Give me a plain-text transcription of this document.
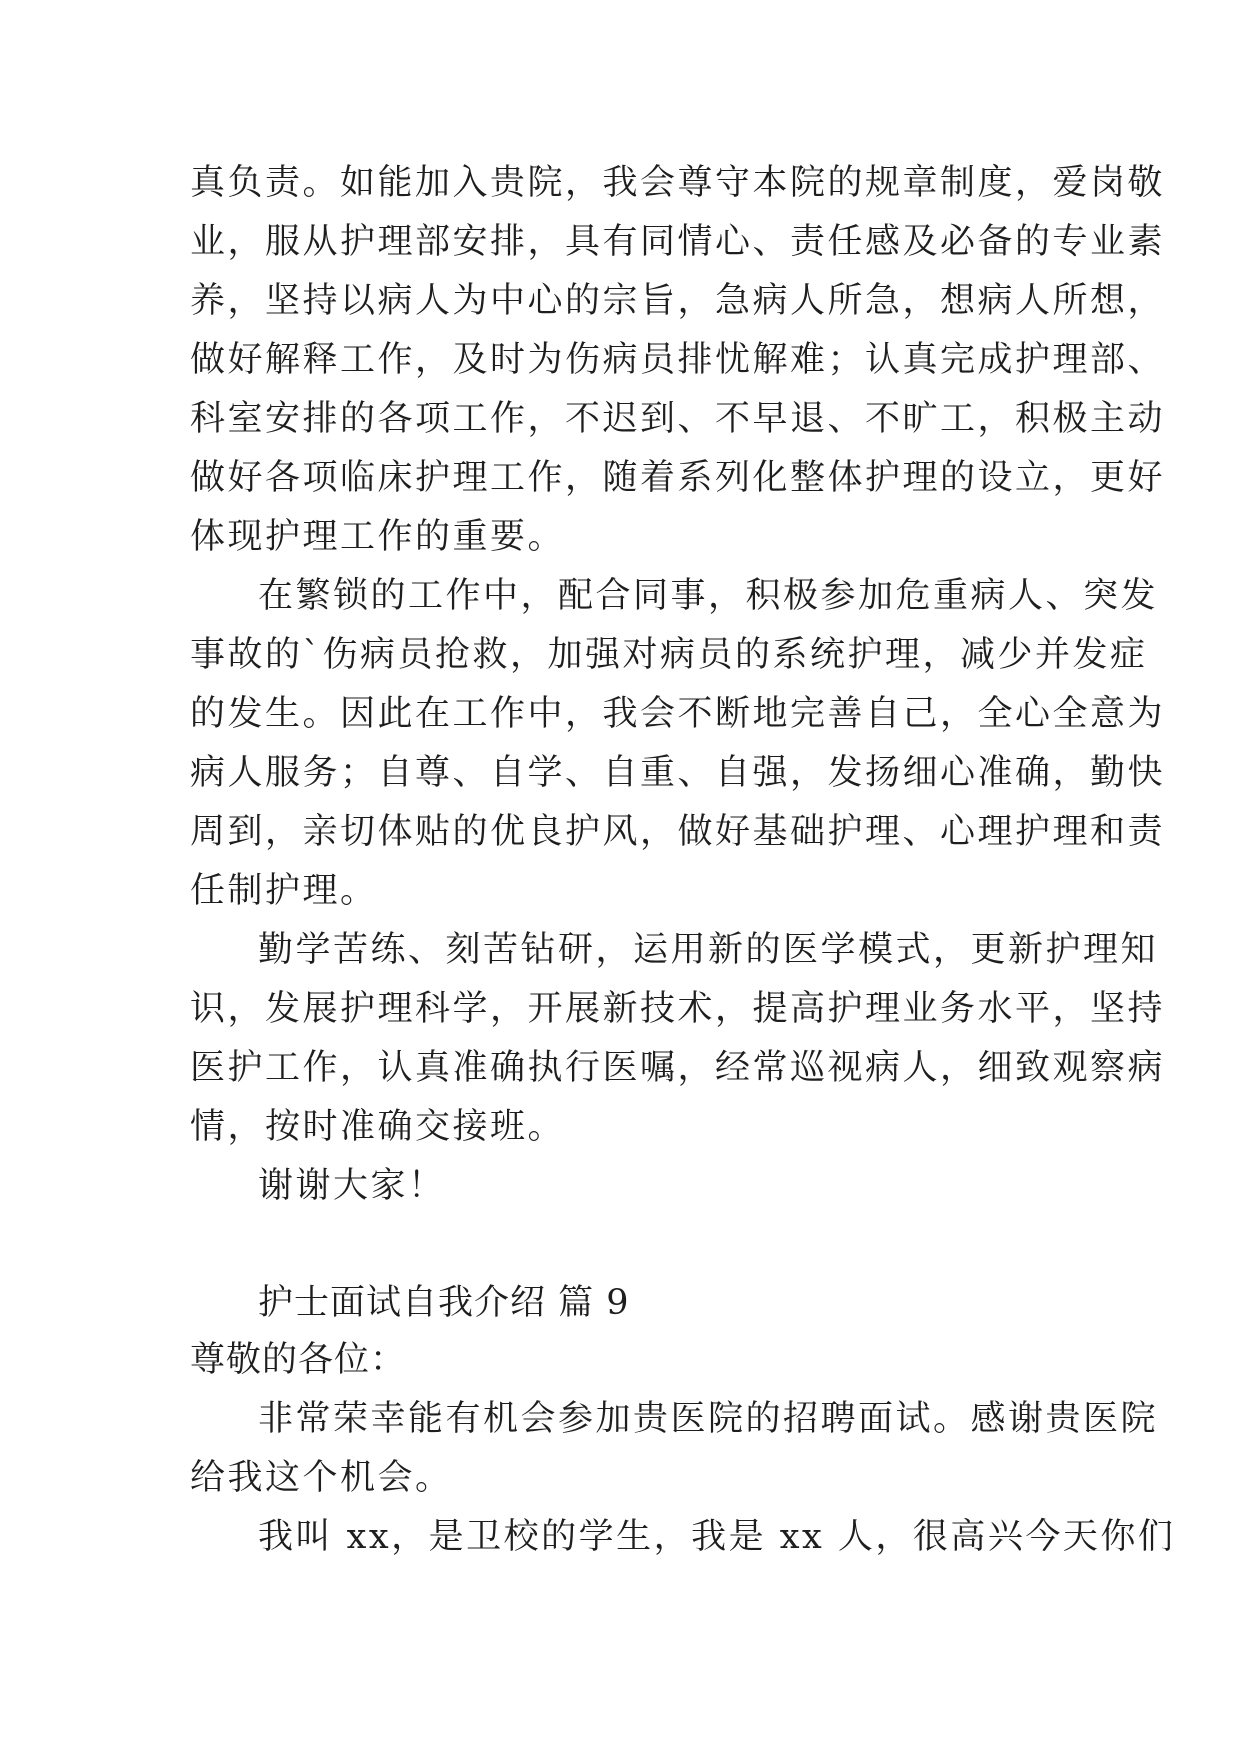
真负责。如能加入贵院，我会尊守本院的规章制度，爱岗敬
业，服从护理部安排，具有同情心、责任感及必备的专业素
养，坚持以病人为中心的宗旨，急病人所急，想病人所想，
做好解释工作，及时为伤病员排忧解难；认真完成护理部、
科室安排的各项工作，不迟到、不早退、不旷工，积极主动
做好各项临床护理工作，随着系列化整体护理的设立，更好
体现护理工作的重要。
在繁锁的工作中，配合同事，积极参加危重病人、突发
事故的`伤病员抢救，加强对病员的系统护理，减少并发症
的发生。因此在工作中，我会不断地完善自己，全心全意为
病人服务；自尊、自学、自重、自强，发扬细心准确，勤快
周到，亲切体贴的优良护风，做好基础护理、心理护理和责
任制护理。
勤学苦练、刻苦钻研，运用新的医学模式，更新护理知
识，发展护理科学，开展新技术，提高护理业务水平，坚持
医护工作，认真准确执行医嘱，经常巡视病人，细致观察病
情，按时准确交接班。
谢谢大家！
护士面试自我介绍 篇 9
尊敬的各位：
非常荣幸能有机会参加贵医院的招聘面试。感谢贵医院
给我这个机会。
我叫 xx，是卫校的学生，我是 xx 人，很高兴今天你们
